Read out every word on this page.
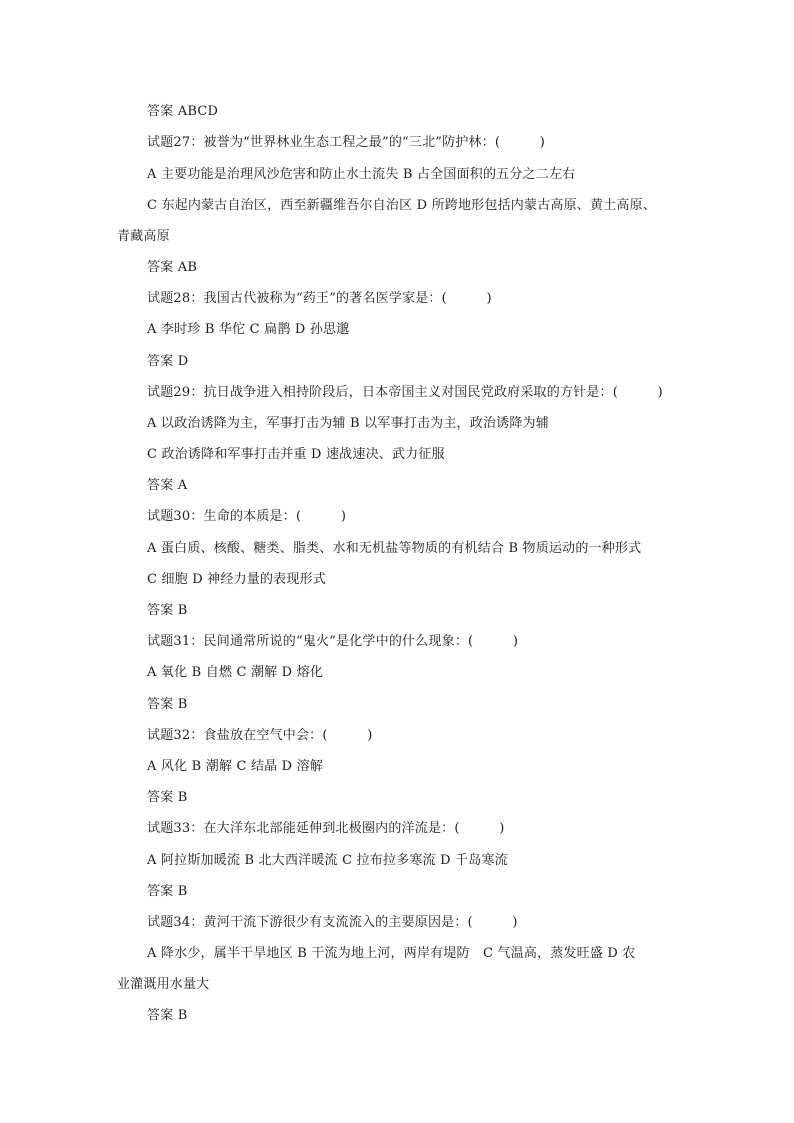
答案 ABCD
试题27：被誉为“世界林业生态工程之最”的“三北”防护林：(　　　)
A 主要功能是治理风沙危害和防止水土流失 B 占全国面积的五分之二左右
C 东起内蒙古自治区，西至新疆维吾尔自治区 D 所跨地形包括内蒙古高原、黄土高原、
青藏高原
答案 AB
试题28：我国古代被称为“药王”的著名医学家是：(　　　)
A 李时珍 B 华佗 C 扁鹊 D 孙思邈
答案 D
试题29：抗日战争进入相持阶段后，日本帝国主义对国民党政府采取的方针是：(　　　)
A 以政治诱降为主，军事打击为辅 B 以军事打击为主，政治诱降为辅
C 政治诱降和军事打击并重 D 速战速决、武力征服
答案 A
试题30：生命的本质是：(　　　)
A 蛋白质、核酸、糖类、脂类、水和无机盐等物质的有机结合 B 物质运动的一种形式
C 细胞 D 神经力量的表现形式
答案 B
试题31：民间通常所说的“鬼火”是化学中的什么现象：(　　　)
A 氧化 B 自燃 C 潮解 D 熔化
答案 B
试题32：食盐放在空气中会：(　　　)
A 风化 B 潮解 C 结晶 D 溶解
答案 B
试题33：在大洋东北部能延伸到北极圈内的洋流是：(　　　)
A 阿拉斯加暖流 B 北大西洋暖流 C 拉布拉多寒流 D 千岛寒流
答案 B
试题34：黄河干流下游很少有支流流入的主要原因是：(　　　)
A 降水少，属半干旱地区 B 干流为地上河，两岸有堤防　C 气温高，蒸发旺盛 D 农
业灌溉用水量大
答案 B
